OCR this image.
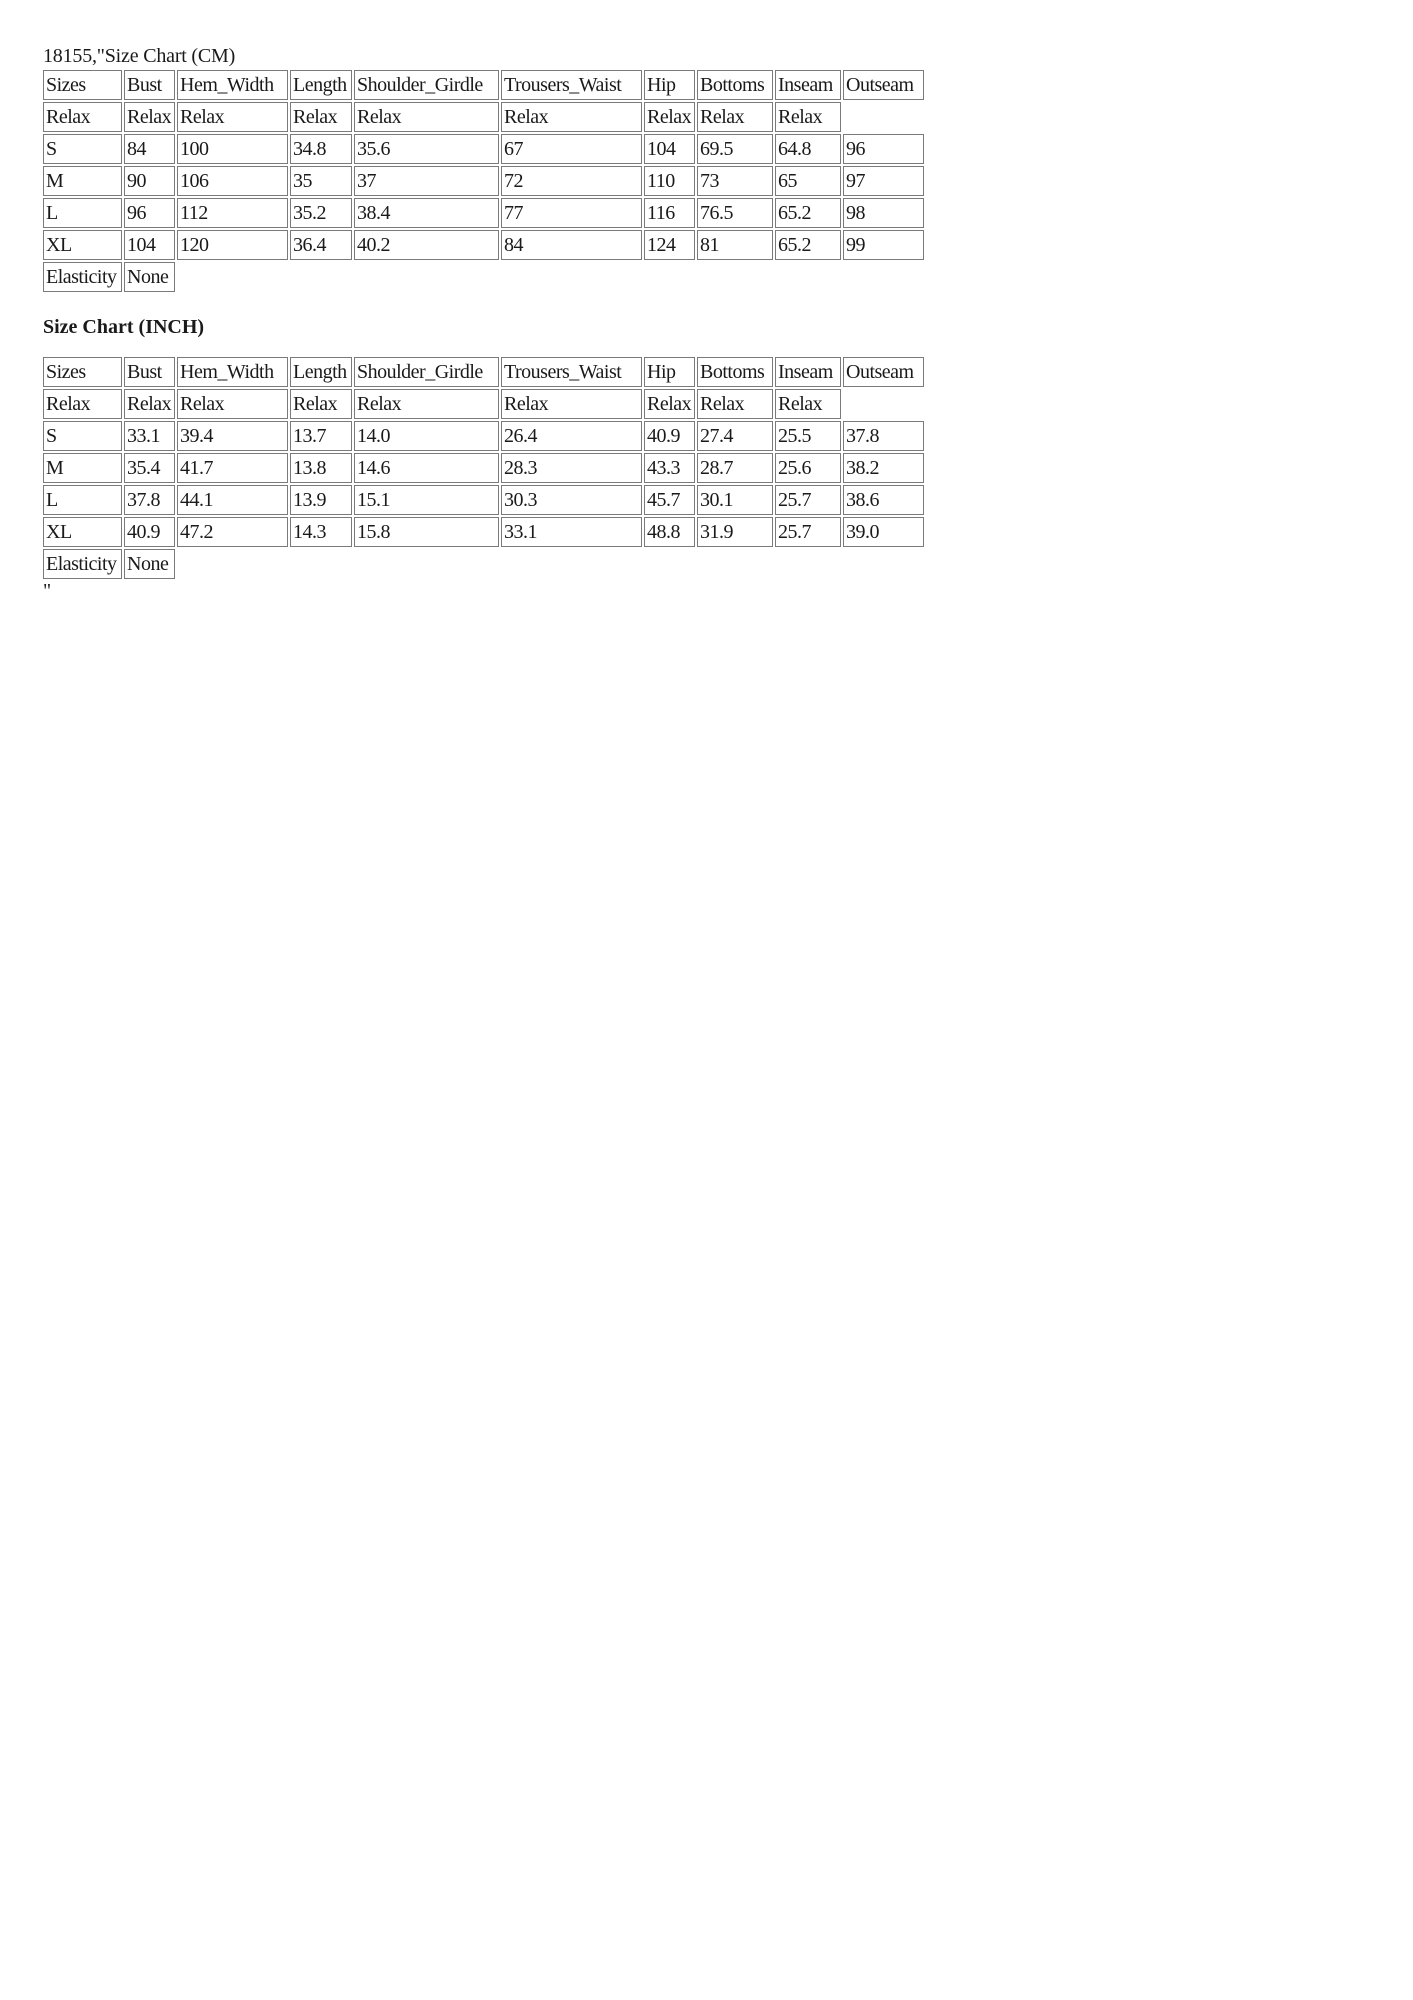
18155,"Size Chart (CM)
Sizes	Bust	Hem_Width	Length	Shoulder_Girdle	Trousers_Waist	Hip	Bottoms	Inseam	Outseam
Relax	Relax	Relax	Relax	Relax	Relax	Relax	Relax	Relax	
S	84	100	34.8	35.6	67	104	69.5	64.8	96
M	90	106	35	37	72	110	73	65	97
L	96	112	35.2	38.4	77	116	76.5	65.2	98
XL	104	120	36.4	40.2	84	124	81	65.2	99
Elasticity	None								
Size Chart (INCH)
Sizes	Bust	Hem_Width	Length	Shoulder_Girdle	Trousers_Waist	Hip	Bottoms	Inseam	Outseam
Relax	Relax	Relax	Relax	Relax	Relax	Relax	Relax	Relax	
S	33.1	39.4	13.7	14.0	26.4	40.9	27.4	25.5	37.8
M	35.4	41.7	13.8	14.6	28.3	43.3	28.7	25.6	38.2
L	37.8	44.1	13.9	15.1	30.3	45.7	30.1	25.7	38.6
XL	40.9	47.2	14.3	15.8	33.1	48.8	31.9	25.7	39.0
Elasticity	None								
"
